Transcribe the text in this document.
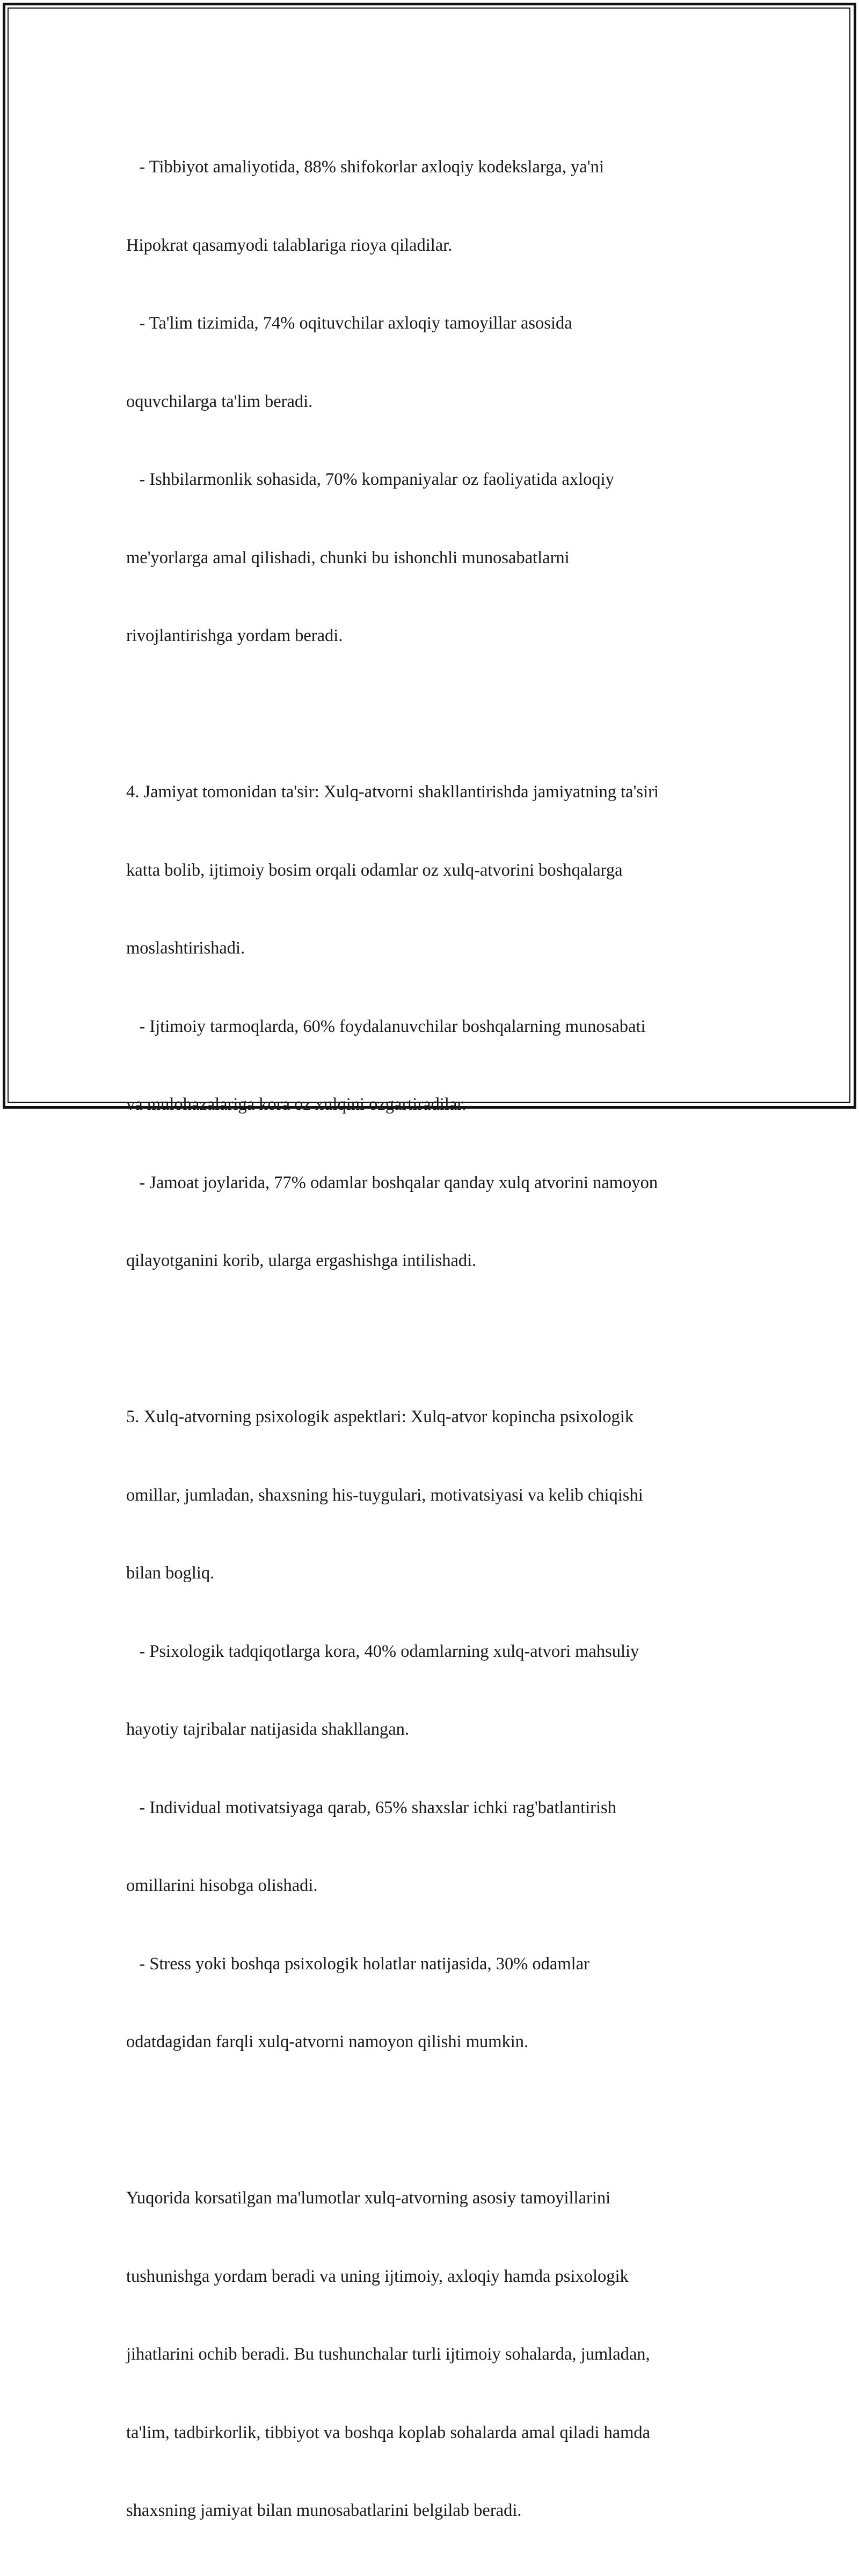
- Tibbiyot amaliyotida, 88% shifokorlar axloqiy kodekslarga, ya'ni

Hipokrat qasamyodi talablariga rioya qiladilar.

- Ta'lim tizimida, 74% oqituvchilar axloqiy tamoyillar asosida

oquvchilarga ta'lim beradi.

- Ishbilarmonlik sohasida, 70% kompaniyalar oz faoliyatida axloqiy

me'yorlarga amal qilishadi, chunki bu ishonchli munosabatlarni

rivojlantirishga yordam beradi.

4. Jamiyat tomonidan ta'sir: Xulq-atvorni shakllantirishda jamiyatning ta'siri

katta bolib, ijtimoiy bosim orqali odamlar oz xulq-atvorini boshqalarga

moslashtirishadi.

- Ijtimoiy tarmoqlarda, 60% foydalanuvchilar boshqalarning munosabati

va mulohazalariga kora oz xulqini ozgartiradilar.

- Jamoat joylarida, 77% odamlar boshqalar qanday xulq atvorini namoyon

qilayotganini korib, ularga ergashishga intilishadi.

5. Xulq-atvorning psixologik aspektlari: Xulq-atvor kopincha psixologik

omillar, jumladan, shaxsning his-tuygulari, motivatsiyasi va kelib chiqishi

bilan bogliq.

- Psixologik tadqiqotlarga kora, 40% odamlarning xulq-atvori mahsuliy

hayotiy tajribalar natijasida shakllangan.

- Individual motivatsiyaga qarab, 65% shaxslar ichki rag'batlantirish

omillarini hisobga olishadi.

- Stress yoki boshqa psixologik holatlar natijasida, 30% odamlar

odatdagidan farqli xulq-atvorni namoyon qilishi mumkin.

Yuqorida korsatilgan ma'lumotlar xulq-atvorning asosiy tamoyillarini

tushunishga yordam beradi va uning ijtimoiy, axloqiy hamda psixologik

jihatlarini ochib beradi. Bu tushunchalar turli ijtimoiy sohalarda, jumladan,

ta'lim, tadbirkorlik, tibbiyot va boshqa koplab sohalarda amal qiladi hamda

shaxsning jamiyat bilan munosabatlarini belgilab beradi.
